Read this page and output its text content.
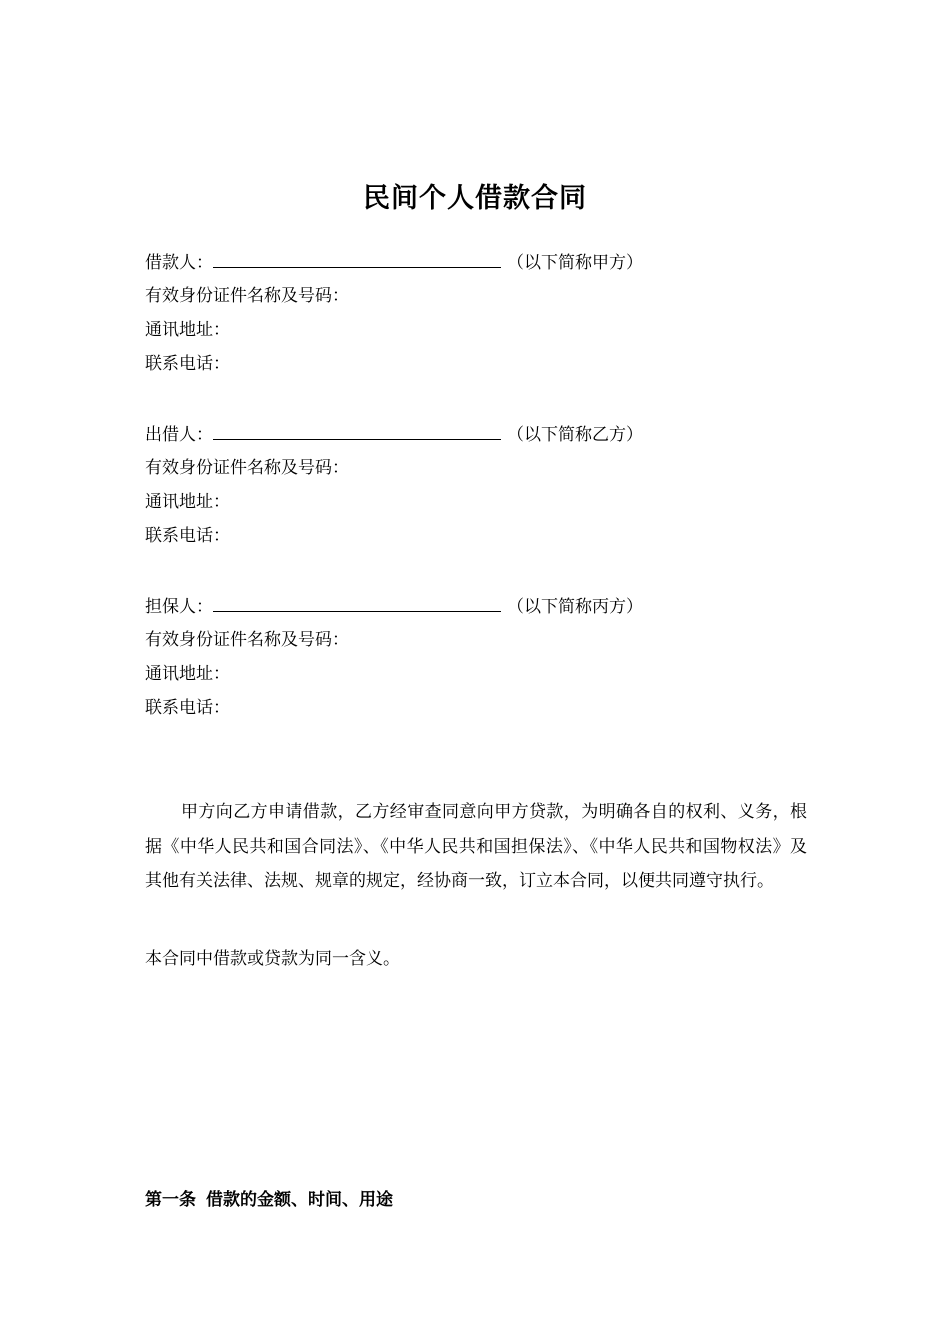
民间个人借款合同
借款人：	（以下简称甲方）
有效身份证件名称及号码：
通讯地址：
联系电话：
出借人：	（以下简称乙方）
有效身份证件名称及号码：
通讯地址：
联系电话：
担保人：	（以下简称丙方）
有效身份证件名称及号码：
通讯地址：
联系电话：
甲方向乙方申请借款，乙方经审查同意向甲方贷款，为明确各自的权利、义务，根据《中华人民共和国合同法》、《中华人民共和国担保法》、《中华人民共和国物权法》及其他有关法律、法规、规章的规定，经协商一致，订立本合同，以便共同遵守执行。
本合同中借款或贷款为同一含义。
第一条 借款的金额、时间、用途
